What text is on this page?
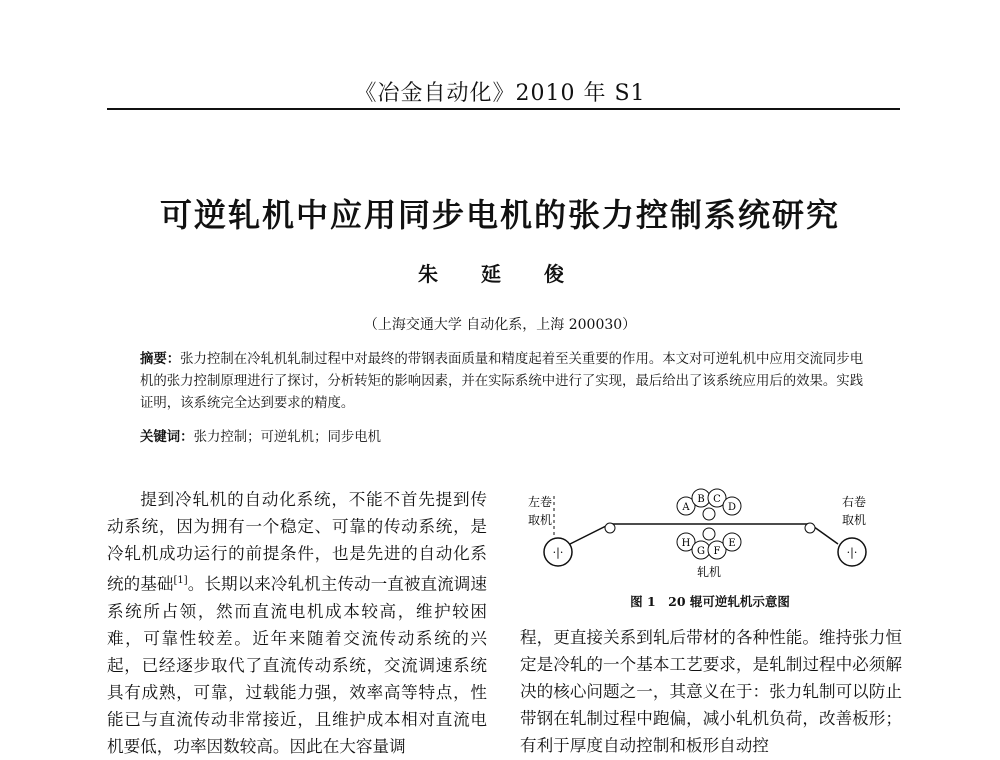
《冶金自动化》2010 年 S1
可逆轧机中应用同步电机的张力控制系统研究
朱 延 俊
（上海交通大学 自动化系，上海 200030）
摘要：张力控制在冷轧机轧制过程中对最终的带钢表面质量和精度起着至关重要的作用。本文对可逆轧机中应用交流同步电机的张力控制原理进行了探讨，分析转矩的影响因素，并在实际系统中进行了实现，最后给出了该系统应用后的效果。实践证明，该系统完全达到要求的精度。
关键词：张力控制；可逆轧机；同步电机

提到冷轧机的自动化系统，不能不首先提到传动系统，因为拥有一个稳定、可靠的传动系统，是冷轧机成功运行的前提条件，也是先进的自动化系统的基础[1]。长期以来冷轧机主传动一直被直流调速系统所占领，然而直流电机成本较高，维护较困难，可靠性较差。近年来随着交流传动系统的兴起，已经逐步取代了直流传动系统，交流调速系统具有成熟，可靠，过载能力强，效率高等特点，性能已与直流传动非常接近，且维护成本相对直流电机要低，功率因数较高。因此在大容量调

左卷
取机
·|·
右卷
取机
·|·
A
B C
D
H
G F
E
轧机
图 1　20 辊可逆轧机示意图

程，更直接关系到轧后带材的各种性能。维持张力恒定是冷轧的一个基本工艺要求，是轧制过程中必须解决的核心问题之一，其意义在于：张力轧制可以防止带钢在轧制过程中跑偏，减小轧机负荷，改善板形；有利于厚度自动控制和板形自动控
